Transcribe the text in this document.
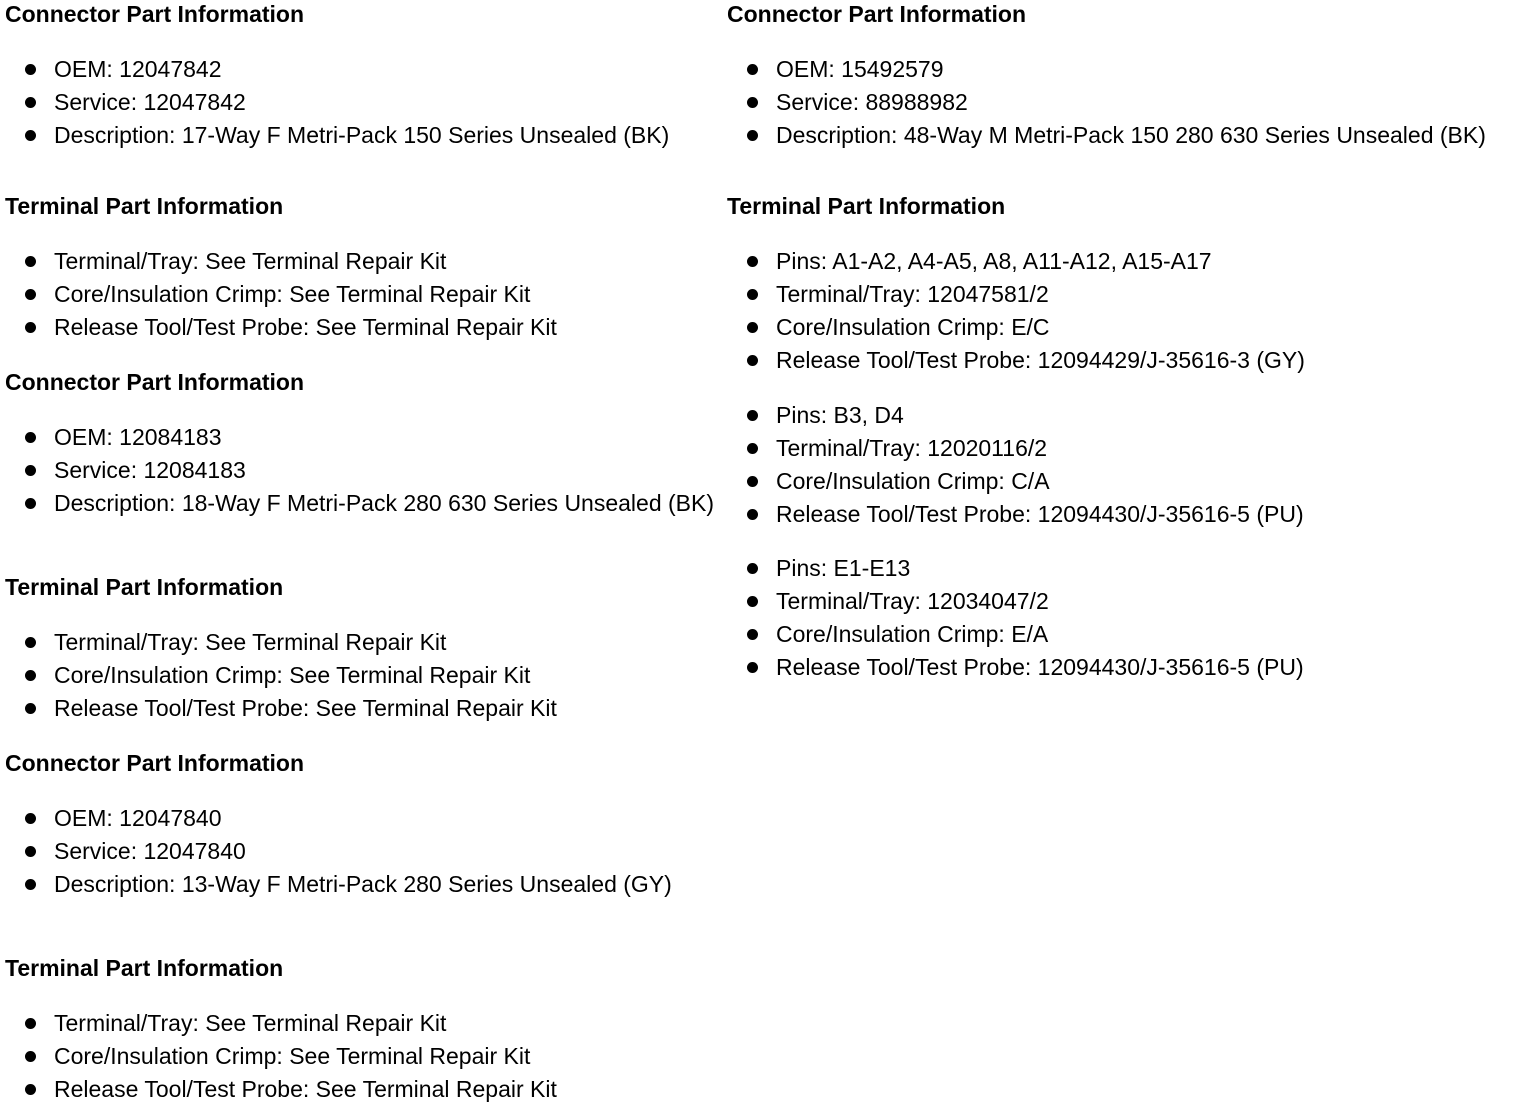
Connector Part Information
OEM: 12047842
Service: 12047842
Description: 17-Way F Metri-Pack 150 Series Unsealed (BK)
Terminal Part Information
Terminal/Tray: See Terminal Repair Kit
Core/Insulation Crimp: See Terminal Repair Kit
Release Tool/Test Probe: See Terminal Repair Kit
Connector Part Information
OEM: 12084183
Service: 12084183
Description: 18-Way F Metri-Pack 280 630 Series Unsealed (BK)
Terminal Part Information
Terminal/Tray: See Terminal Repair Kit
Core/Insulation Crimp: See Terminal Repair Kit
Release Tool/Test Probe: See Terminal Repair Kit
Connector Part Information
OEM: 12047840
Service: 12047840
Description: 13-Way F Metri-Pack 280 Series Unsealed (GY)
Terminal Part Information
Terminal/Tray: See Terminal Repair Kit
Core/Insulation Crimp: See Terminal Repair Kit
Release Tool/Test Probe: See Terminal Repair Kit
Connector Part Information
OEM: 15492579
Service: 88988982
Description: 48-Way M Metri-Pack 150 280 630 Series Unsealed (BK)
Terminal Part Information
Pins: A1-A2, A4-A5, A8, A11-A12, A15-A17
Terminal/Tray: 12047581/2
Core/Insulation Crimp: E/C
Release Tool/Test Probe: 12094429/J-35616-3 (GY)
Pins: B3, D4
Terminal/Tray: 12020116/2
Core/Insulation Crimp: C/A
Release Tool/Test Probe: 12094430/J-35616-5 (PU)
Pins: E1-E13
Terminal/Tray: 12034047/2
Core/Insulation Crimp: E/A
Release Tool/Test Probe: 12094430/J-35616-5 (PU)
